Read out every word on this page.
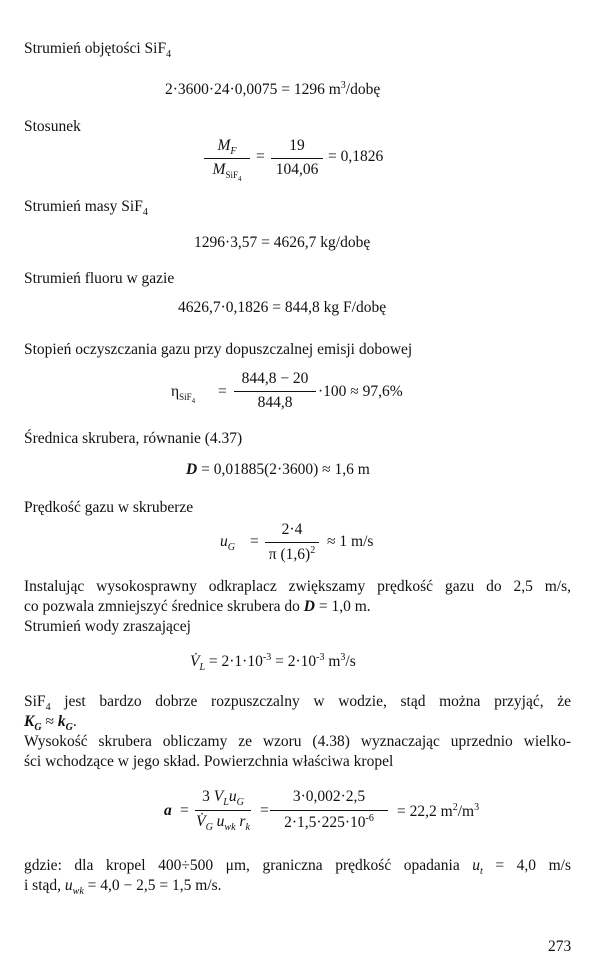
Strumień objętości SiF$_4$
2·3600·24·0,0075 = 1296 $m^3$/dobę
Stosunek
$M_F$
$M_{SiF_4}$
=
19
104,06
= 0,1826
Strumień masy SiF$_4$
1296·3,57 = 4626,7 kg/dobę
Strumień fluoru w gazie
4626,7·0,1826 = 844,8 kg F/dobę
Stopień oczyszczania gazu przy dopuszczalnej emisji dobowej
$\eta_{SiF_4}$
=
844,8 − 20
844,8
·100 ≈ 97,6%
Średnica skrubera, równanie (4.37)
D = 0,01885(2·3600) ≈ 1,6 m
Prędkość gazu w skruberze
$u_G$ =
2·4
π $(1,6)^2$
≈ 1 m/s
Instalując wysokosprawny odkraplacz zwiększamy prędkość gazu do 2,5 m/s,
co pozwala zmniejszyć średnice skrubera do D = 1,0 m.
Strumień wody zraszającej
$V̇_L = 2\cdot 1\cdot 10^{-3} = 2\cdot 10^{-3}$ $m^3/s$
SiF$_4$ jest bardzo dobrze rozpuszczalny w wodzie, stąd można przyjąć, że
$K_G \approx k_G$.
Wysokość skrubera obliczamy ze wzoru (4.38) wyznaczając uprzednio wielko-
ści wchodzące w jego skład. Powierzchnia właściwa kropel
a =
3 $V_Lu_G$
$V̇_G$ $u_{wk}$ $r_k$
=
3·0,002·2,5
$2\cdot 1,5\cdot 225\cdot 10^{-6}$	= 22,2 $m^2/m^3$
gdzie: dla kropel 400÷500 μm, graniczna prędkość opadania $u_t = 4,0$ m/s
i stąd, $u_{wk} = 4,0 - 2,5 = 1,5$ m/s.
273
